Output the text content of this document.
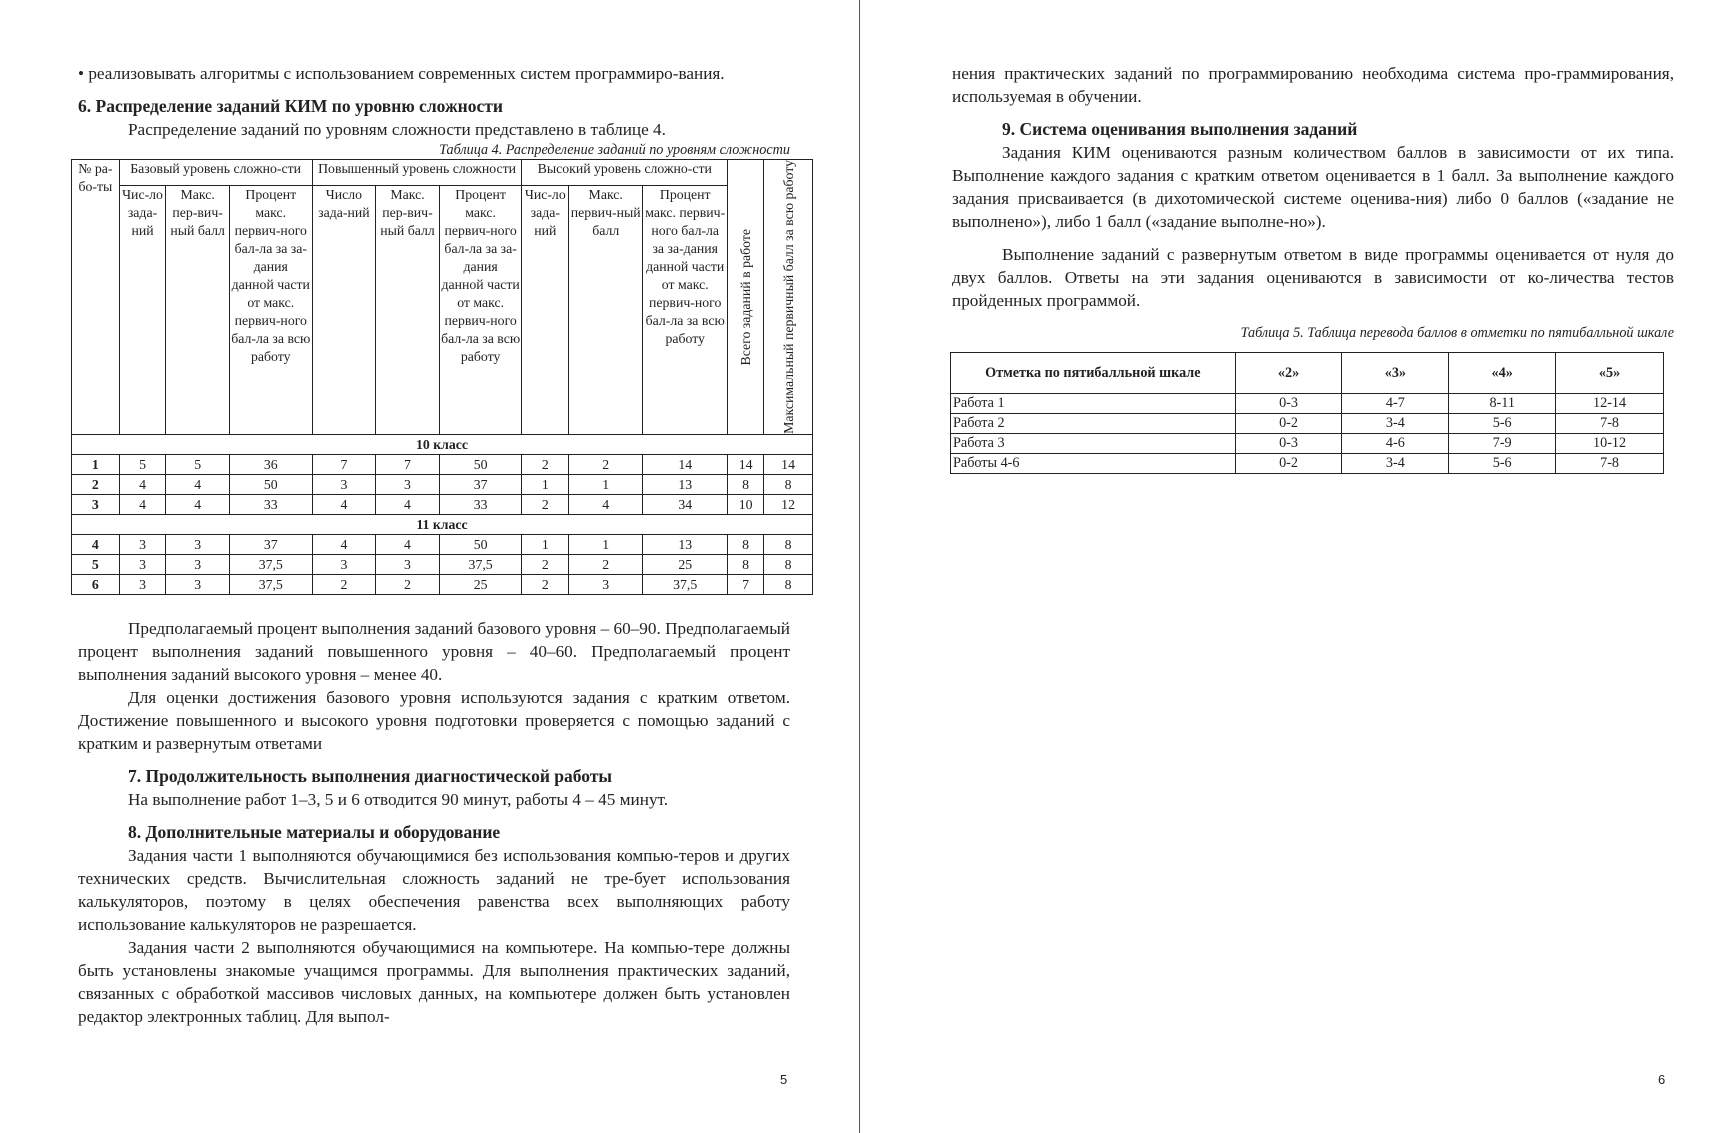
• реализовывать алгоритмы с использованием современных систем программиро-вания.

6. Распределение заданий КИМ по уровню сложности

Распределение заданий по уровням сложности представлено в таблице 4.

Таблица 4. Распределение заданий по уровням сложности
№ ра-бо-ты	Базовый уровень сложно-сти			Повышенный уровень сложности			Высокий уровень сложно-сти			Всего заданий в работе	Максимальный первичный балл за всю работу

	Чис-ло зада-ний	Макс. пер-вич-ный балл	Процент макс. первич-ного бал-ла за за-дания данной части от макс. первич-ного бал-ла за всю работу	Число зада-ний	Макс. пер-вич-ный балл	Процент макс. первич-ного бал-ла за за-дания данной части от макс. первич-ного бал-ла за всю работу	Чис-ло зада-ний	Макс. первич-ный балл	Процент макс. первич-ного бал-ла за за-дания данной части от макс. первич-ного бал-ла за всю работу		
10 класс											
1	5	5	36	7	7	50	2	2	14	14	14
2	4	4	50	3	3	37	1	1	13	8	8
3	4	4	33	4	4	33	2	4	34	10	12
11 класс											
4	3	3	37	4	4	50	1	1	13	8	8
5	3	3	37,5	3	3	37,5	2	2	25	8	8
6	3	3	37,5	2	2	25	2	3	37,5	7	8

Предполагаемый процент выполнения заданий базового уровня – 60–90. Предполагаемый процент выполнения заданий повышенного уровня – 40–60. Предполагаемый процент выполнения заданий высокого уровня – менее 40.

Для оценки достижения базового уровня используются задания с кратким ответом. Достижение повышенного и высокого уровня подготовки проверяется с помощью заданий с кратким и развернутым ответами

7. Продолжительность выполнения диагностической работы

На выполнение работ 1–3, 5 и 6 отводится 90 минут, работы 4 – 45 минут.

8. Дополнительные материалы и оборудование

Задания части 1 выполняются обучающимися без использования компью-теров и других технических средств. Вычислительная сложность заданий не тре-бует использования калькуляторов, поэтому в целях обеспечения равенства всех выполняющих работу использование калькуляторов не разрешается.

Задания части 2 выполняются обучающимися на компьютере. На компью-тере должны быть установлены знакомые учащимся программы. Для выполнения практических заданий, связанных с обработкой массивов числовых данных, на компьютере должен быть установлен редактор электронных таблиц. Для выпол-

5

нения практических заданий по программированию необходима система про-граммирования, используемая в обучении.

9. Система оценивания выполнения заданий

Задания КИМ оцениваются разным количеством баллов в зависимости от их типа. Выполнение каждого задания с кратким ответом оценивается в 1 балл. За выполнение каждого задания присваивается (в дихотомической системе оценива-ния) либо 0 баллов («задание не выполнено»), либо 1 балл («задание выполне-но»).

Выполнение заданий с развернутым ответом в виде программы оценивается от нуля до двух баллов. Ответы на эти задания оцениваются в зависимости от ко-личества тестов пройденных программой.

Таблица 5. Таблица перевода баллов в отметки по пятибалльной шкале
Отметка по пятибалльной шкале	«2»	«3»	«4»	«5»
Работа 1	0-3	4-7	8-11	12-14
Работа 2	0-2	3-4	5-6	7-8
Работа 3	0-3	4-6	7-9	10-12
Работы 4-6	0-2	3-4	5-6	7-8
6
